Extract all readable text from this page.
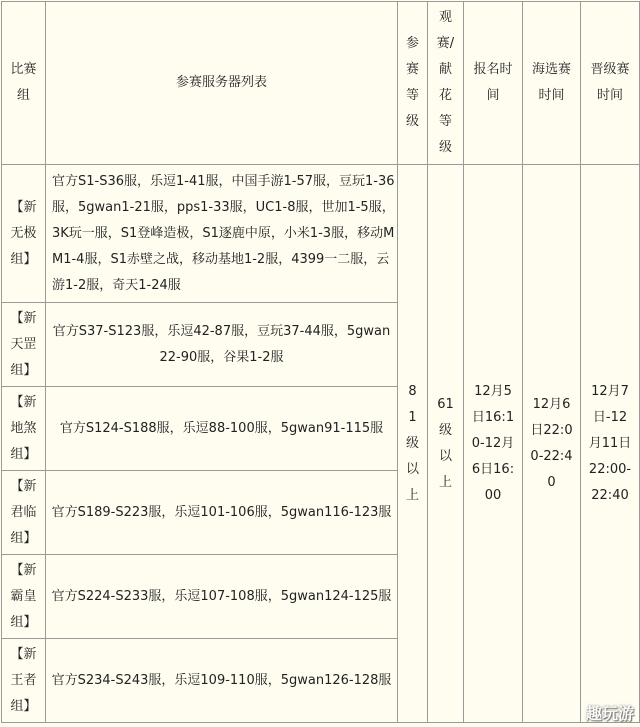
比赛组	参赛服务器列表	参赛等级	观赛/献花等级	报名时间	海选赛时间	晋级赛时间
【新无极组】	官方S1-S36服，乐逗1-41服，中国手游1-57服，豆玩1-36服，5gwan1-21服，pps1-33服，UC1-8服，世加1-5服，3K玩一服，S1登峰造极，S1逐鹿中原，小米1-3服，移动MM1-4服，S1赤壁之战，移动基地1-2服，4399一二服，云游1-2服，奇天1-24服	81级以上	61级以上	12月5日16:10-12月6日16:00	12月6日22:00-22:40	12月7日-12月11日22:00-22:40
【新天罡组】	官方S37-S123服，乐逗42-87服，豆玩37-44服，5gwan22-90服，谷果1-2服					
【新地煞组】	官方S124-S188服，乐逗88-100服，5gwan91-115服					
【新君临组】	官方S189-S223服，乐逗101-106服，5gwan116-123服					
【新霸皇组】	官方S224-S233服，乐逗107-108服，5gwan124-125服					
【新王者组】	官方S234-S243服，乐逗109-110服，5gwan126-128服					
趣玩游
